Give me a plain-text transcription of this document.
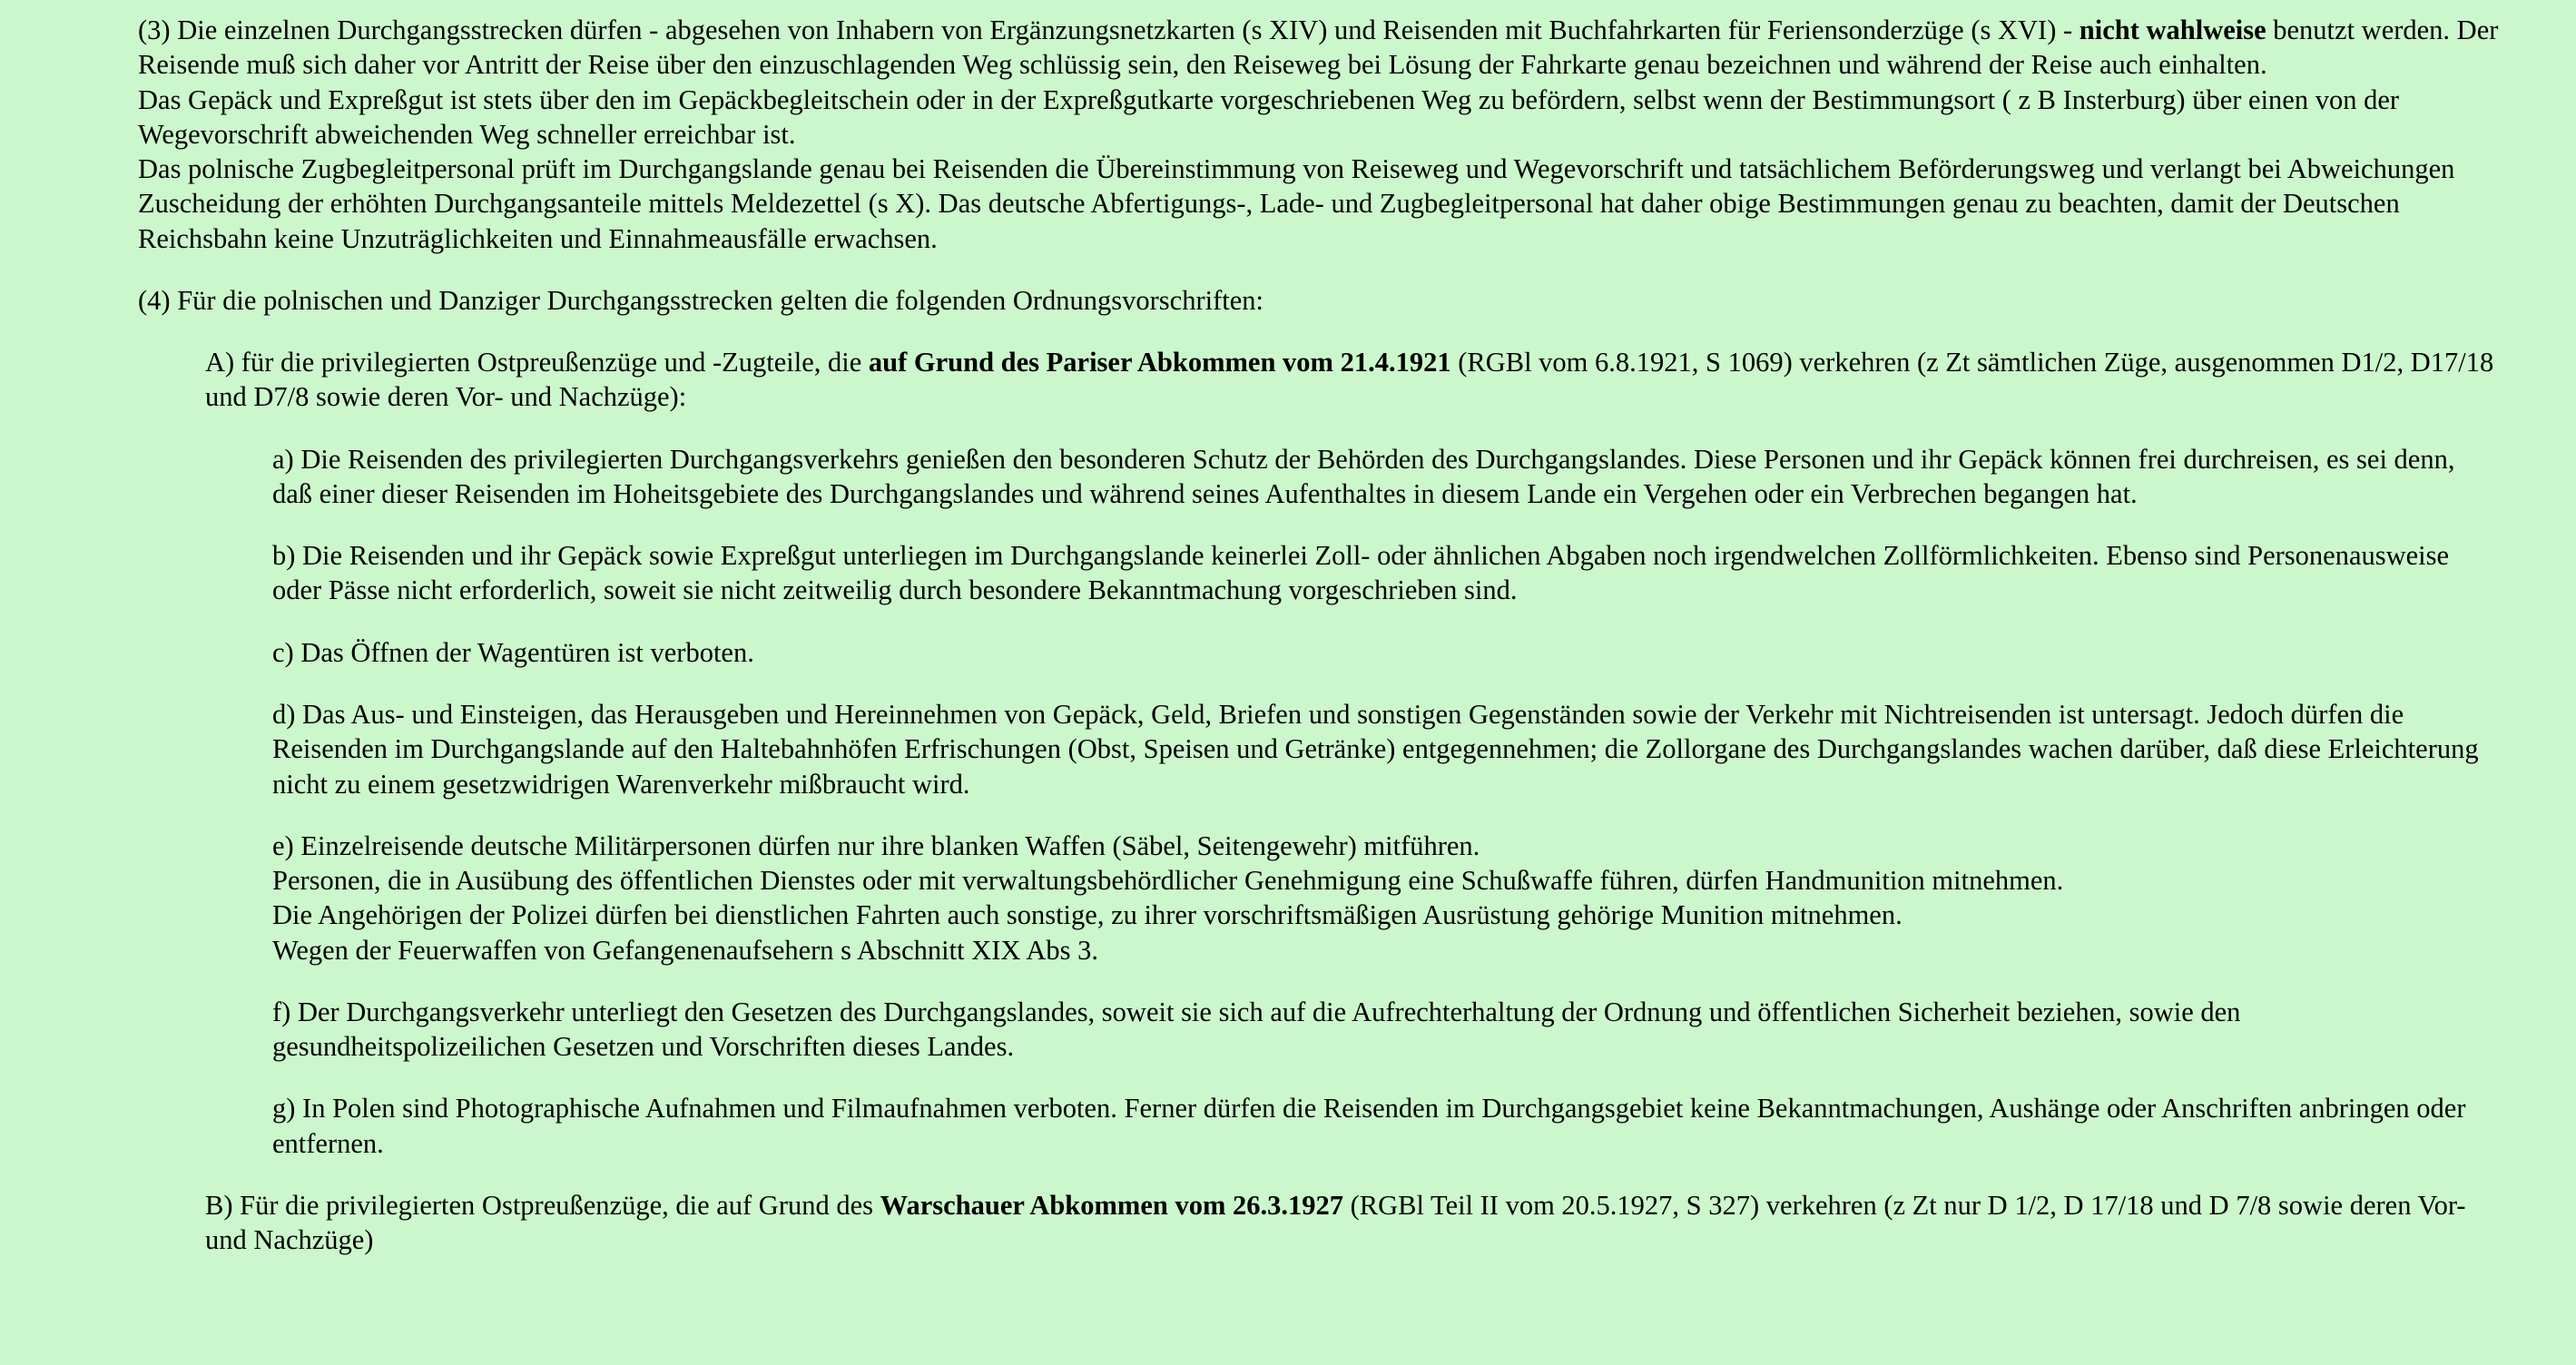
(3) Die einzelnen Durchgangsstrecken dürfen - abgesehen von Inhabern von Ergänzungsnetzkarten (s XIV) und Reisenden mit Buchfahrkarten für Feriensonderzüge (s XVI) - nicht wahlweise benutzt werden. Der Reisende muß sich daher vor Antritt der Reise über den einzuschlagenden Weg schlüssig sein, den Reiseweg bei Lösung der Fahrkarte genau bezeichnen und während der Reise auch einhalten.

Das Gepäck und Expreßgut ist stets über den im Gepäckbegleitschein oder in der Expreßgutkarte vorgeschriebenen Weg zu befördern, selbst wenn der Bestimmungsort ( z B Insterburg) über einen von der Wegevorschrift abweichenden Weg schneller erreichbar ist.

Das polnische Zugbegleitpersonal prüft im Durchgangslande genau bei Reisenden die Übereinstimmung von Reiseweg und Wegevorschrift und tatsächlichem Beförderungsweg und verlangt bei Abweichungen Zuscheidung der erhöhten Durchgangsanteile mittels Meldezettel (s X). Das deutsche Abfertigungs-, Lade- und Zugbegleitpersonal hat daher obige Bestimmungen genau zu beachten, damit der Deutschen Reichsbahn keine Unzuträglichkeiten und Einnahmeausfälle erwachsen.

(4) Für die polnischen und Danziger Durchgangsstrecken gelten die folgenden Ordnungsvorschriften:

A) für die privilegierten Ostpreußenzüge und -Zugteile, die auf Grund des Pariser Abkommen vom 21.4.1921 (RGBl vom 6.8.1921, S 1069) verkehren (z Zt sämtlichen Züge, ausgenommen D1/2, D17/18 und D7/8 sowie deren Vor- und Nachzüge):

a) Die Reisenden des privilegierten Durchgangsverkehrs genießen den besonderen Schutz der Behörden des Durchgangslandes. Diese Personen und ihr Gepäck können frei durchreisen, es sei denn, daß einer dieser Reisenden im Hoheitsgebiete des Durchgangslandes und während seines Aufenthaltes in diesem Lande ein Vergehen oder ein Verbrechen begangen hat.

b) Die Reisenden und ihr Gepäck sowie Expreßgut unterliegen im Durchgangslande keinerlei Zoll- oder ähnlichen Abgaben noch irgendwelchen Zollförmlichkeiten. Ebenso sind Personenausweise oder Pässe nicht erforderlich, soweit sie nicht zeitweilig durch besondere Bekanntmachung vorgeschrieben sind.

c) Das Öffnen der Wagentüren ist verboten.

d) Das Aus- und Einsteigen, das Herausgeben und Hereinnehmen von Gepäck, Geld, Briefen und sonstigen Gegenständen sowie der Verkehr mit Nichtreisenden ist untersagt. Jedoch dürfen die Reisenden im Durchgangslande auf den Haltebahnhöfen Erfrischungen (Obst, Speisen und Getränke) entgegennehmen; die Zollorgane des Durchgangslandes wachen darüber, daß diese Erleichterung nicht zu einem gesetzwidrigen Warenverkehr mißbraucht wird.

e) Einzelreisende deutsche Militärpersonen dürfen nur ihre blanken Waffen (Säbel, Seitengewehr) mitführen.

Personen, die in Ausübung des öffentlichen Dienstes oder mit verwaltungsbehördlicher Genehmigung eine Schußwaffe führen, dürfen Handmunition mitnehmen.

Die Angehörigen der Polizei dürfen bei dienstlichen Fahrten auch sonstige, zu ihrer vorschriftsmäßigen Ausrüstung gehörige Munition mitnehmen.

Wegen der Feuerwaffen von Gefangenenaufsehern s Abschnitt XIX Abs 3.

f) Der Durchgangsverkehr unterliegt den Gesetzen des Durchgangslandes, soweit sie sich auf die Aufrechterhaltung der Ordnung und öffentlichen Sicherheit beziehen, sowie den gesundheitspolizeilichen Gesetzen und Vorschriften dieses Landes.

g) In Polen sind Photographische Aufnahmen und Filmaufnahmen verboten. Ferner dürfen die Reisenden im Durchgangsgebiet keine Bekanntmachungen, Aushänge oder Anschriften anbringen oder entfernen.

B) Für die privilegierten Ostpreußenzüge, die auf Grund des Warschauer Abkommen vom 26.3.1927 (RGBl Teil II vom 20.5.1927, S 327) verkehren (z Zt nur D 1/2, D 17/18 und D 7/8 sowie deren Vor- und Nachzüge)
